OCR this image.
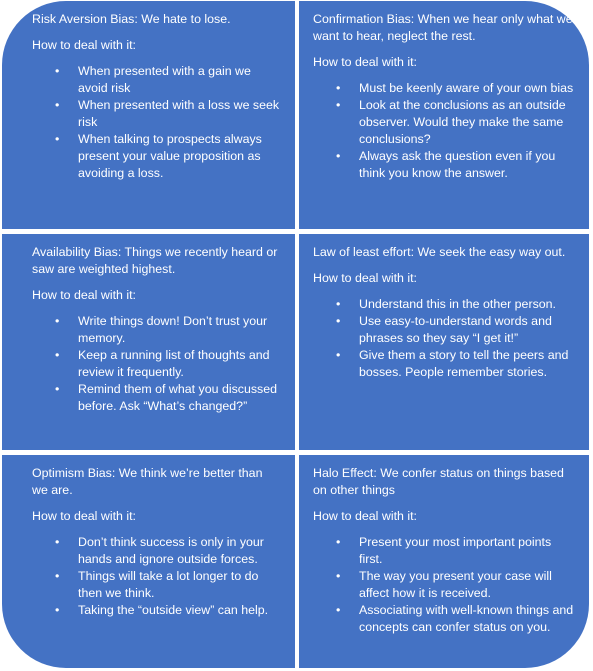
Risk Aversion Bias: We hate to lose.

How to deal with it:

• When presented with a gain we avoid risk
• When presented with a loss we seek risk
• When talking to prospects always present your value proposition as avoiding a loss.

Confirmation Bias: When we hear only what we want to hear, neglect the rest.

How to deal with it:

• Must be keenly aware of your own bias
• Look at the conclusions as an outside observer. Would they make the same conclusions?
• Always ask the question even if you think you know the answer.

Availability Bias: Things we recently heard or saw are weighted highest.

How to deal with it:

• Write things down! Don’t trust your memory.
• Keep a running list of thoughts and review it frequently.
• Remind them of what you discussed before. Ask “What’s changed?”

Law of least effort: We seek the easy way out.

How to deal with it:

• Understand this in the other person.
• Use easy-to-understand words and phrases so they say “I get it!”
• Give them a story to tell the peers and bosses. People remember stories.

Optimism Bias: We think we’re better than we are.

How to deal with it:

• Don’t think success is only in your hands and ignore outside forces.
• Things will take a lot longer to do then we think.
• Taking the “outside view” can help.

Halo Effect: We confer status on things based on other things

How to deal with it:

• Present your most important points first.
• The way you present your case will affect how it is received.
• Associating with well-known things and concepts can confer status on you.
